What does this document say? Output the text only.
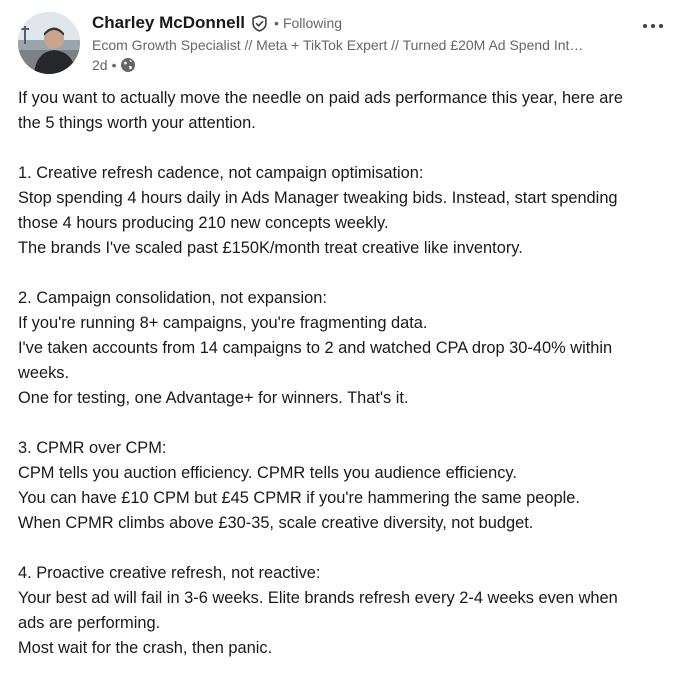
Charley McDonnell • Following
Ecom Growth Specialist // Meta + TikTok Expert // Turned £20M Ad Spend Int…
2d •
If you want to actually move the needle on paid ads performance this year, here are
the 5 things worth your attention.
1. Creative refresh cadence, not campaign optimisation:
Stop spending 4 hours daily in Ads Manager tweaking bids. Instead, start spending
those 4 hours producing 210 new concepts weekly.
The brands I've scaled past £150K/month treat creative like inventory.
2. Campaign consolidation, not expansion:
If you're running 8+ campaigns, you're fragmenting data.
I've taken accounts from 14 campaigns to 2 and watched CPA drop 30-40% within
weeks.
One for testing, one Advantage+ for winners. That's it.
3. CPMR over CPM:
CPM tells you auction efficiency. CPMR tells you audience efficiency.
You can have £10 CPM but £45 CPMR if you're hammering the same people.
When CPMR climbs above £30-35, scale creative diversity, not budget.
4. Proactive creative refresh, not reactive:
Your best ad will fail in 3-6 weeks. Elite brands refresh every 2-4 weeks even when
ads are performing.
Most wait for the crash, then panic.
